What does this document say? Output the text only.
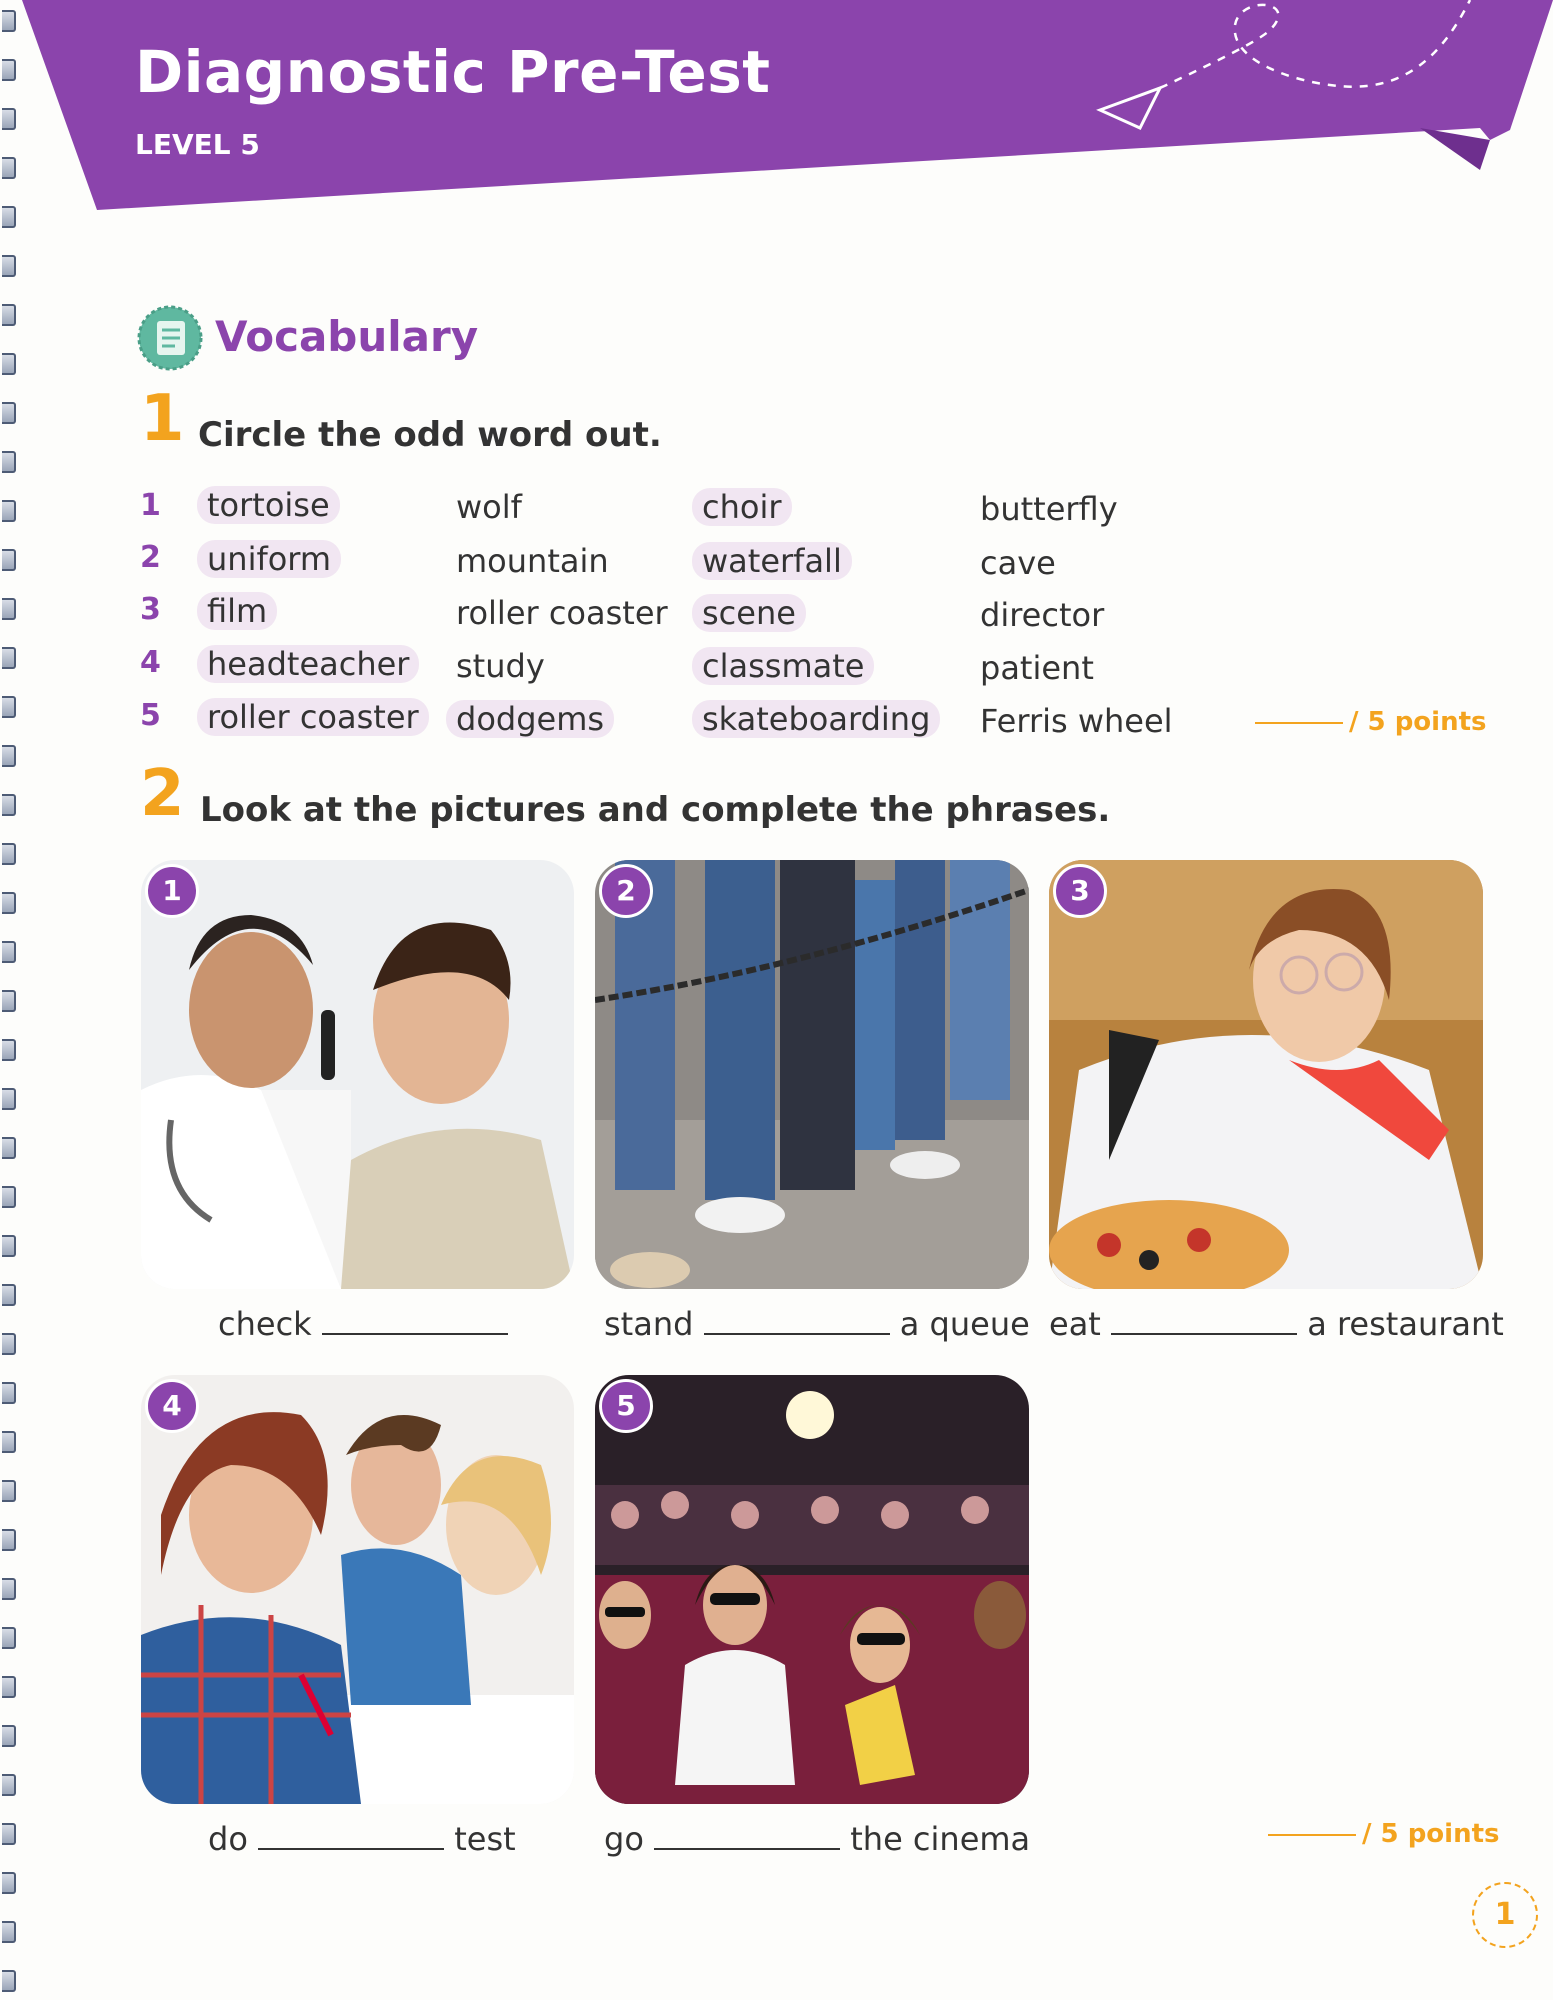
Diagnostic Pre-Test
LEVEL 5
Vocabulary
1 Circle the odd word out.
1	tortoise	wolf	choir	butterfly
2	uniform	mountain	waterfall	cave
3	film	roller coaster	scene	director
4	headteacher	study	classmate	patient
5	roller coaster	dodgems	skateboarding	Ferris wheel	/ 5 points
2 Look at the pictures and complete the phrases.
1	2	3
4	5
check	stand	a queue eat	a restaurant
do	test	go	the cinema	/ 5 points
1
